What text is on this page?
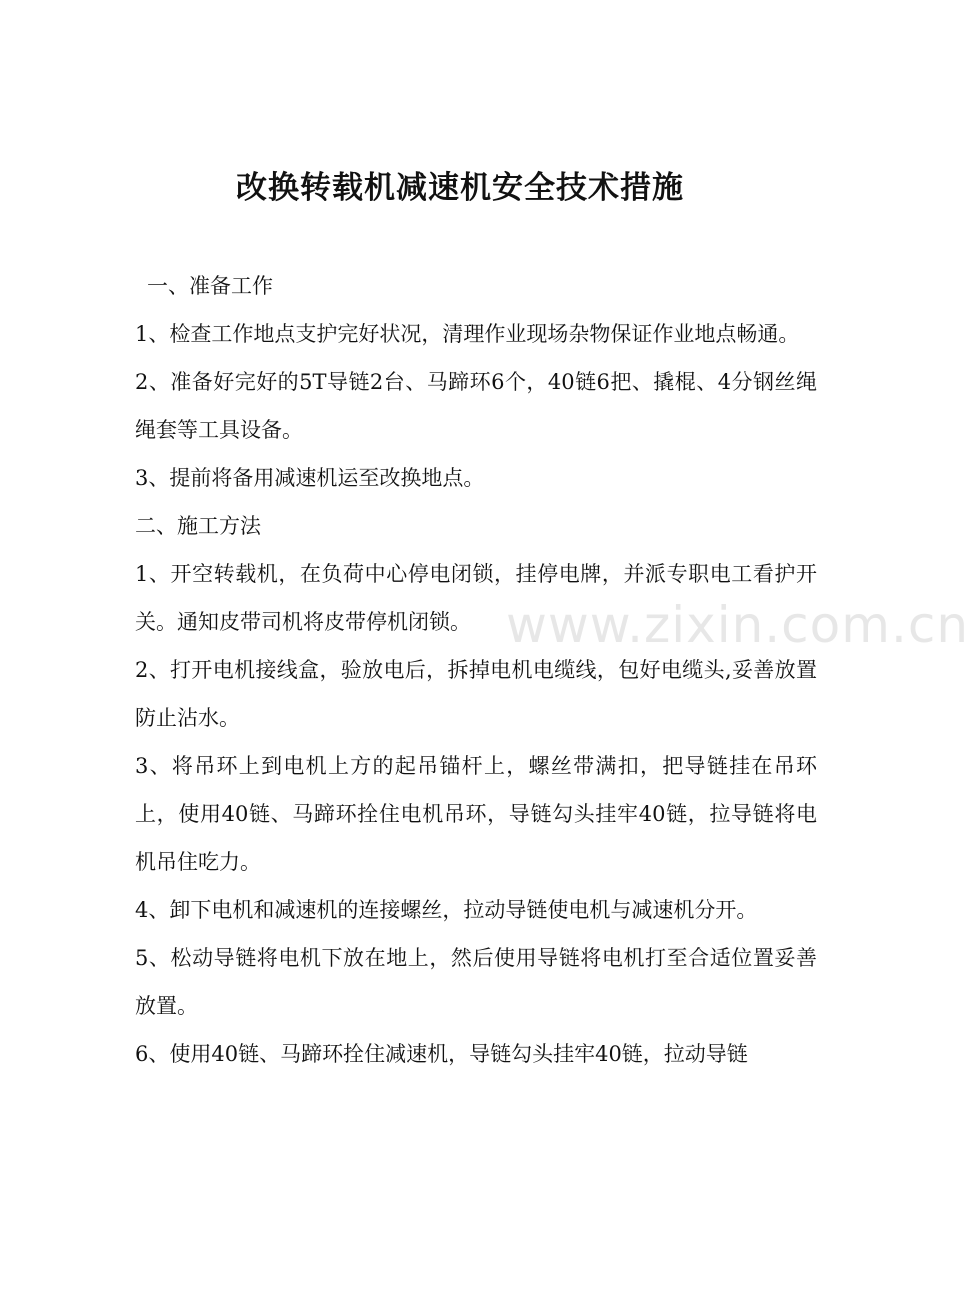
改换转载机减速机安全技术措施

一、准备工作

1、检查工作地点支护完好状况，清理作业现场杂物保证作业地点畅通。

2、准备好完好的5T导链2台、马蹄环6个，40链6把、撬棍、4分钢丝绳绳套等工具设备。

3、提前将备用减速机运至改换地点。

二、施工方法

1、开空转载机，在负荷中心停电闭锁，挂停电牌，并派专职电工看护开关。通知皮带司机将皮带停机闭锁。

2、打开电机接线盒，验放电后，拆掉电机电缆线，包好电缆头,妥善放置防止沾水。

3、将吊环上到电机上方的起吊锚杆上，螺丝带满扣，把导链挂在吊环上，使用40链、马蹄环拴住电机吊环，导链勾头挂牢40链，拉导链将电机吊住吃力。

4、卸下电机和减速机的连接螺丝，拉动导链使电机与减速机分开。

5、松动导链将电机下放在地上，然后使用导链将电机打至合适位置妥善放置。

6、使用40链、马蹄环拴住减速机，导链勾头挂牢40链，拉动导链

www.zixin.com.cn
